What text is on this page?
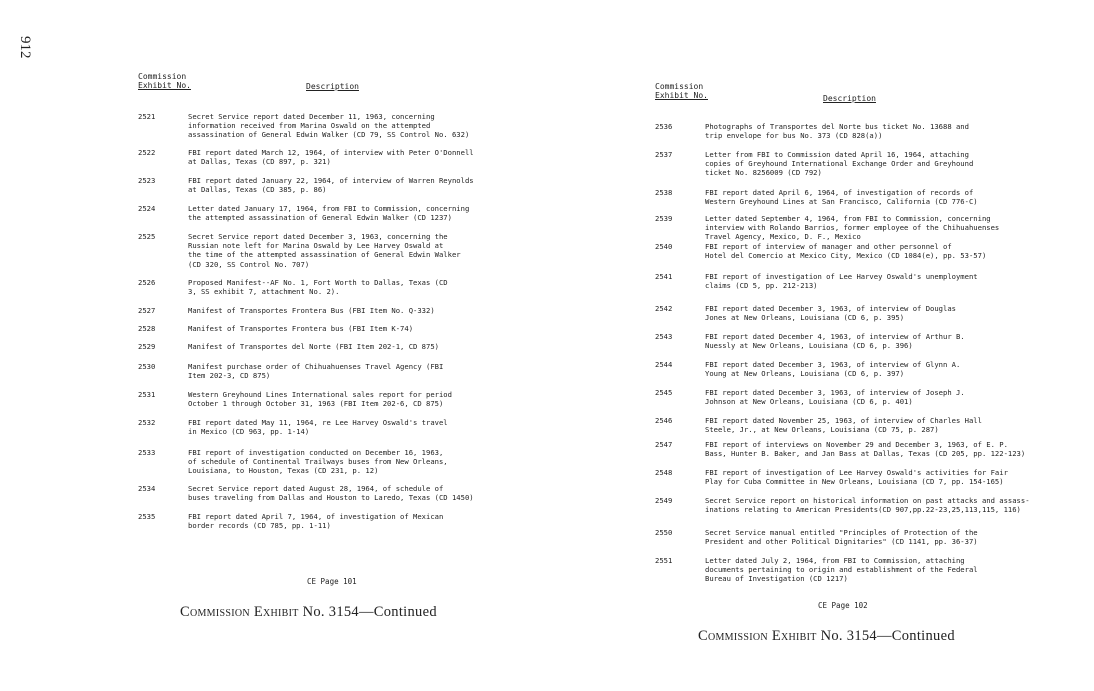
912
Commission
Exhibit No.	Description
2521	Secret Service report dated December 11, 1963, concerning
information received from Marina Oswald on the attempted
assassination of General Edwin Walker (CD 79, SS Control No. 632)
2522	FBI report dated March 12, 1964, of interview with Peter O'Donnell
at Dallas, Texas (CD 897, p. 321)
2523	FBI report dated January 22, 1964, of interview of Warren Reynolds
at Dallas, Texas (CD 385, p. 86)
2524	Letter dated January 17, 1964, from FBI to Commission, concerning
the attempted assassination of General Edwin Walker (CD 1237)
2525	Secret Service report dated December 3, 1963, concerning the
Russian note left for Marina Oswald by Lee Harvey Oswald at
the time of the attempted assassination of General Edwin Walker
(CD 320, SS Control No. 707)
2526	Proposed Manifest--AF No. 1, Fort Worth to Dallas, Texas (CD
3, SS exhibit 7, attachment No. 2).
2527	Manifest of Transportes Frontera Bus (FBI Item No. Q-332)
2528	Manifest of Transportes Frontera bus (FBI Item K-74)
2529	Manifest of Transportes del Norte (FBI Item 202-1, CD 875)
2530	Manifest purchase order of Chihuahuenses Travel Agency (FBI
Item 202-3, CD 875)
2531	Western Greyhound Lines International sales report for period
October 1 through October 31, 1963 (FBI Item 202-6, CD 875)
2532	FBI report dated May 11, 1964, re Lee Harvey Oswald's travel
in Mexico (CD 963, pp. 1-14)
2533	FBI report of investigation conducted on December 16, 1963,
of schedule of Continental Trailways buses from New Orleans,
Louisiana, to Houston, Texas (CD 231, p. 12)
2534	Secret Service report dated August 28, 1964, of schedule of
buses traveling from Dallas and Houston to Laredo, Texas (CD 1450)
2535	FBI report dated April 7, 1964, of investigation of Mexican
border records (CD 785, pp. 1-11)
Commission
Exhibit No.	Description
2536	Photographs of Transportes del Norte bus ticket No. 13688 and
trip envelope for bus No. 373 (CD 828(a))
2537	Letter from FBI to Commission dated April 16, 1964, attaching
copies of Greyhound International Exchange Order and Greyhound
ticket No. 8256009 (CD 792)
2538	FBI report dated April 6, 1964, of investigation of records of
Western Greyhound Lines at San Francisco, California (CD 776-C)
2539	Letter dated September 4, 1964, from FBI to Commission, concerning
interview with Rolando Barrios, former employee of the Chihuahuenses
Travel Agency, Mexico, D. F., Mexico
2540	FBI report of interview of manager and other personnel of
Hotel del Comercio at Mexico City, Mexico (CD 1084(e), pp. 53-57)
2541	FBI report of investigation of Lee Harvey Oswald's unemployment
claims (CD 5, pp. 212-213)
2542	FBI report dated December 3, 1963, of interview of Douglas
Jones at New Orleans, Louisiana (CD 6, p. 395)
2543	FBI report dated December 4, 1963, of interview of Arthur B.
Nuessly at New Orleans, Louisiana (CD 6, p. 396)
2544	FBI report dated December 3, 1963, of interview of Glynn A.
Young at New Orleans, Louisiana (CD 6, p. 397)
2545	FBI report dated December 3, 1963, of interview of Joseph J.
Johnson at New Orleans, Louisiana (CD 6, p. 401)
2546	FBI report dated November 25, 1963, of interview of Charles Hall
Steele, Jr., at New Orleans, Louisiana (CD 75, p. 287)
2547	FBI report of interviews on November 29 and December 3, 1963, of E. P.
Bass, Hunter B. Baker, and Jan Bass at Dallas, Texas (CD 205, pp. 122-123)
2548	FBI report of investigation of Lee Harvey Oswald's activities for Fair
Play for Cuba Committee in New Orleans, Louisiana (CD 7, pp. 154-165)
2549	Secret Service report on historical information on past attacks and assass-
inations relating to American Presidents(CD 907,pp.22-23,25,113,115, 116)
2550	Secret Service manual entitled "Principles of Protection of the
President and other Political Dignitaries" (CD 1141, pp. 36-37)
2551	Letter dated July 2, 1964, from FBI to Commission, attaching
documents pertaining to origin and establishment of the Federal
Bureau of Investigation (CD 1217)
CE Page 101
CE Page 102
Commission Exhibit No. 3154—Continued
Commission Exhibit No. 3154—Continued
